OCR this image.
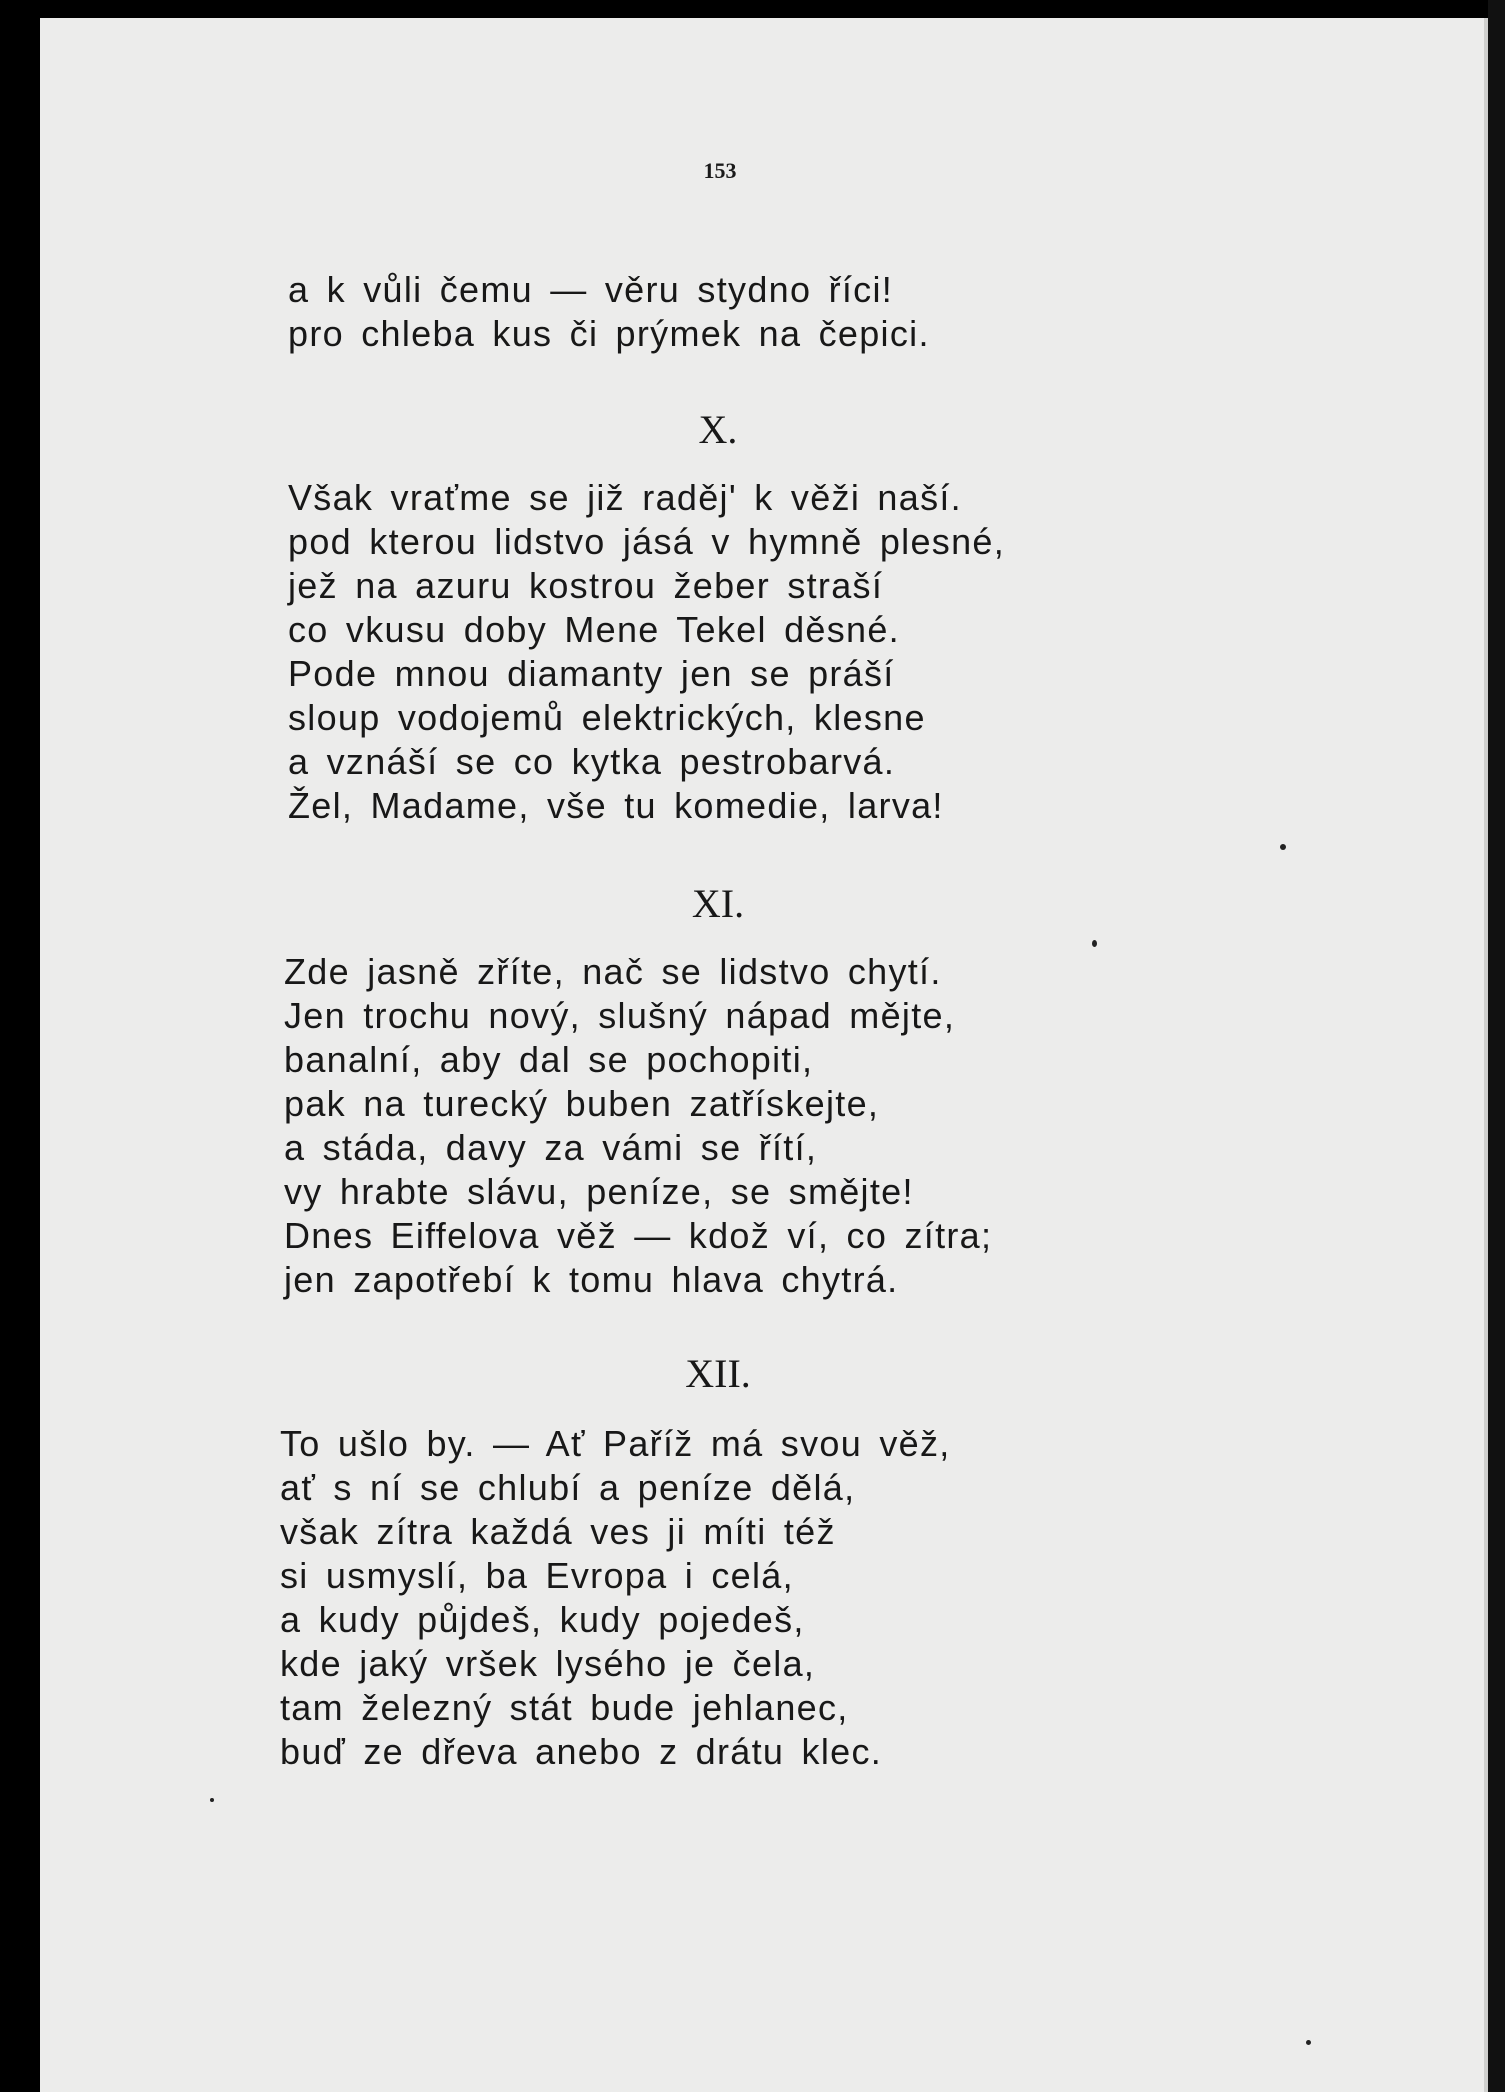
153
a k vůli čemu — věru stydno říci!
pro chleba kus či prýmek na čepici.
X.
Však vraťme se již raděj' k věži naší.
pod kterou lidstvo jásá v hymně plesné,
jež na azuru kostrou žeber straší
co vkusu doby Mene Tekel děsné.
Pode mnou diamanty jen se práší
sloup vodojemů elektrických, klesne
a vznáší se co kytka pestrobarvá.
Žel, Madame, vše tu komedie, larva!
XI.
Zde jasně zříte, nač se lidstvo chytí.
Jen trochu nový, slušný nápad mějte,
banalní, aby dal se pochopiti,
pak na turecký buben zatřískejte,
a stáda, davy za vámi se řítí,
vy hrabte slávu, peníze, se smějte!
Dnes Eiffelova věž — kdož ví, co zítra;
jen zapotřebí k tomu hlava chytrá.
XII.
To ušlo by. — Ať Paříž má svou věž,
ať s ní se chlubí a peníze dělá,
však zítra každá ves ji míti též
si usmyslí, ba Evropa i celá,
a kudy půjdeš, kudy pojedeš,
kde jaký vršek lysého je čela,
tam železný stát bude jehlanec,
buď ze dřeva anebo z drátu klec.
